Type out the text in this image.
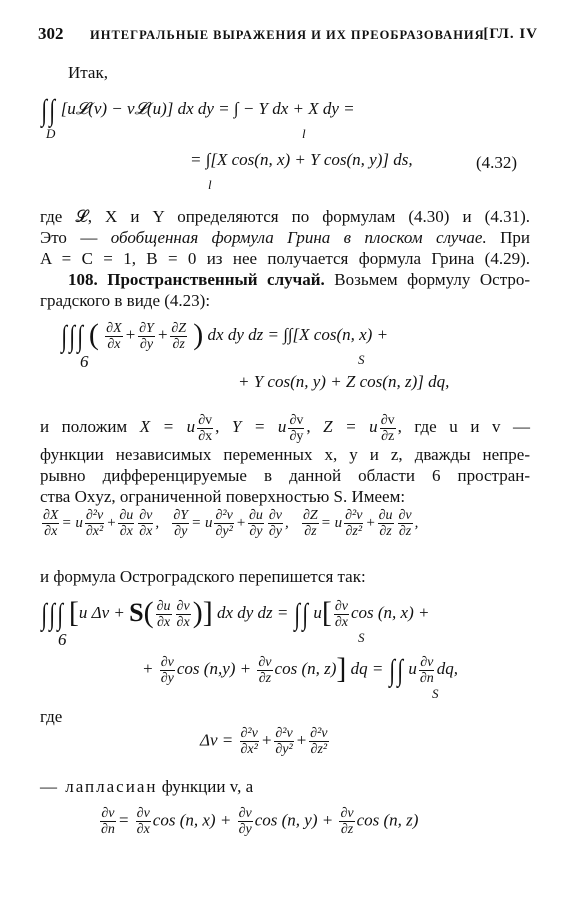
302 ИНТЕГРАЛЬНЫЕ ВЫРАЖЕНИЯ И ИХ ПРЕОБРАЗОВАНИЯ
[ГЛ. IV
Итак,
∫∫ [u𝓛(v) − v𝓛(u)] dx dy = ∫ − Y dx + X dy =
D	l
= ∫[X cos(n, x) + Y cos(n, y)] ds,
l
(4.32)
где 𝓛, X и Y определяются по формулам (4.30) и (4.31).
Это — обобщенная формула Грина в плоском случае. При
A = C = 1, B = 0 из нее получается формула Грина (4.29).
108. Пространственный случай. Возьмем формулу Остро-
градского в виде (4.23):
∫∫∫ ( $\frac{\partial X}{\partial x} + \frac{\partial Y}{\partial y} + \frac{\partial Z}{\partial z}$ ) dx dy dz = ∫∫[X cos(n, x) +
6	S
+ Y cos(n, y) + Z cos(n, z)] dq,
и положим X = u $\frac{\partial v}{\partial x}$ , Y = u $\frac{\partial v}{\partial y}$ , Z = u $\frac{\partial v}{\partial z}$ , где u и v —
функции независимых переменных x, y и z, дважды непре-
рывно дифференцируемые в данной области 6 простран-
ства Oxyz, ограниченной поверхностью S. Имеем:
$\frac{\partial X}{\partial x} = u \frac{\text{∂²v}}{\text{∂x²}} + \frac{\partial u}{\partial x} \frac{\partial v}{\partial x}$ , $\frac{\partial Y}{\partial y} = u \frac{\text{∂²v}}{\text{∂y²}} + \frac{\partial u}{\partial y} \frac{\partial v}{\partial y}$ , $\frac{\partial Z}{\partial z} = u \frac{\text{∂²v}}{\text{∂z²}} + \frac{\partial u}{\partial z} \frac{\partial v}{\partial z}$ ,
и формула Остроградского перепишется так:
∫∫∫ [u $\Delta v + S( \frac{\partial u}{\partial x} \frac{\partial v}{\partial x}$ )] dx dy dz = ∫∫ $u[ \frac{\partial v}{\partial x}$ cos (n, x) +
6	S
+ $\frac{\partial v}{\partial y}$ $\cos (n,y) + \frac{\partial v}{\partial z}$ cos (n, z)] dq = ∫∫ u $\frac{\partial v}{\partial n}$ dq,
S
где
$\Delta v = \frac{\text{∂²v}}{\text{∂x²}} + \frac{\text{∂²v}}{\text{∂y²}} + \frac{\text{∂²v}}{\text{∂z²}}$
— лапласиан функции v, а
$\frac{\partial v}{\partial n} = \frac{\partial v}{\partial x}$ cos (n, $x) + \frac{\partial v}{\partial y}$ cos (n, $y) + \frac{\partial v}{\partial z}$ cos (n, z)
